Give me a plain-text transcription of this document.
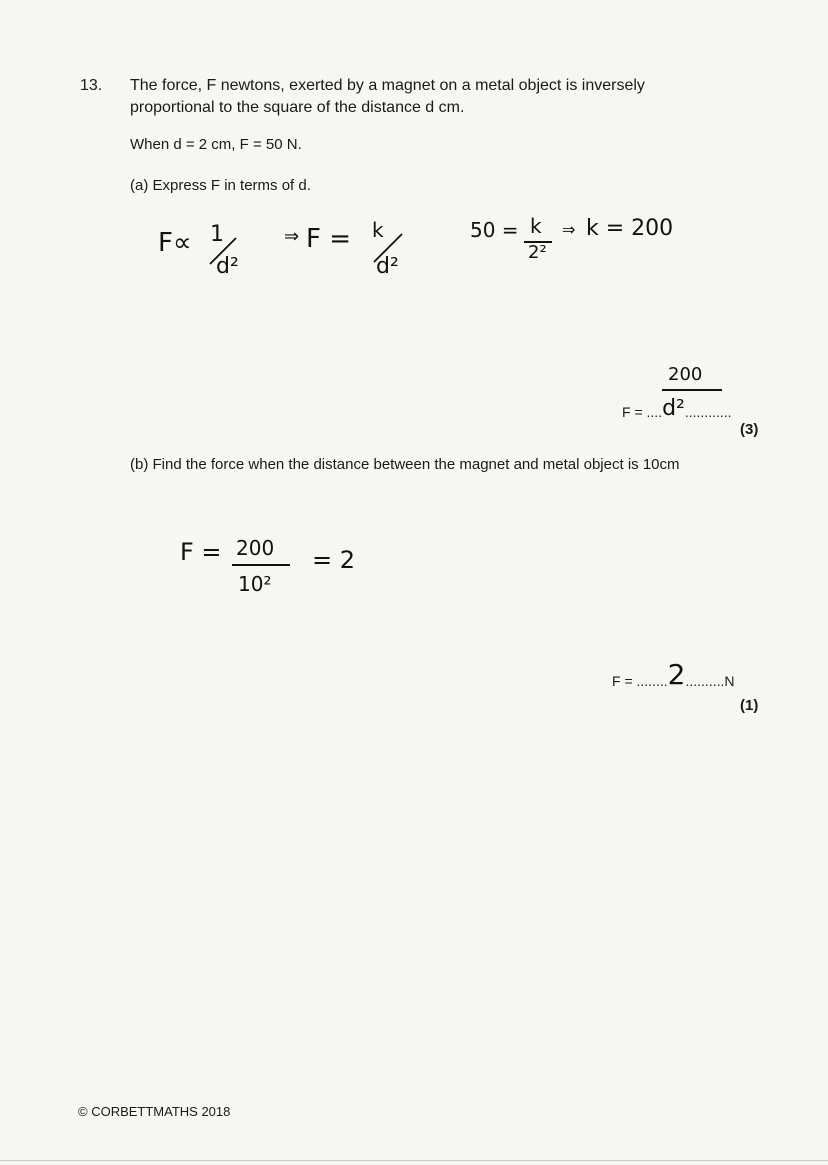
13. The force, F newtons, exerted by a magnet on a metal object is inversely proportional to the square of the distance d cm.
When d = 2 cm, F = 50 N.
(a) Express F in terms of d.
F∝ 1
d²
⇒ F = k
d²
50 = k
2²
⇒ k = 200
200
F = ....d²............
(3)
(b) Find the force when the distance between the magnet and metal object is 10cm
F = 200
10²
= 2
F = ........2..........N
(1)
© CORBETTMATHS 2018
